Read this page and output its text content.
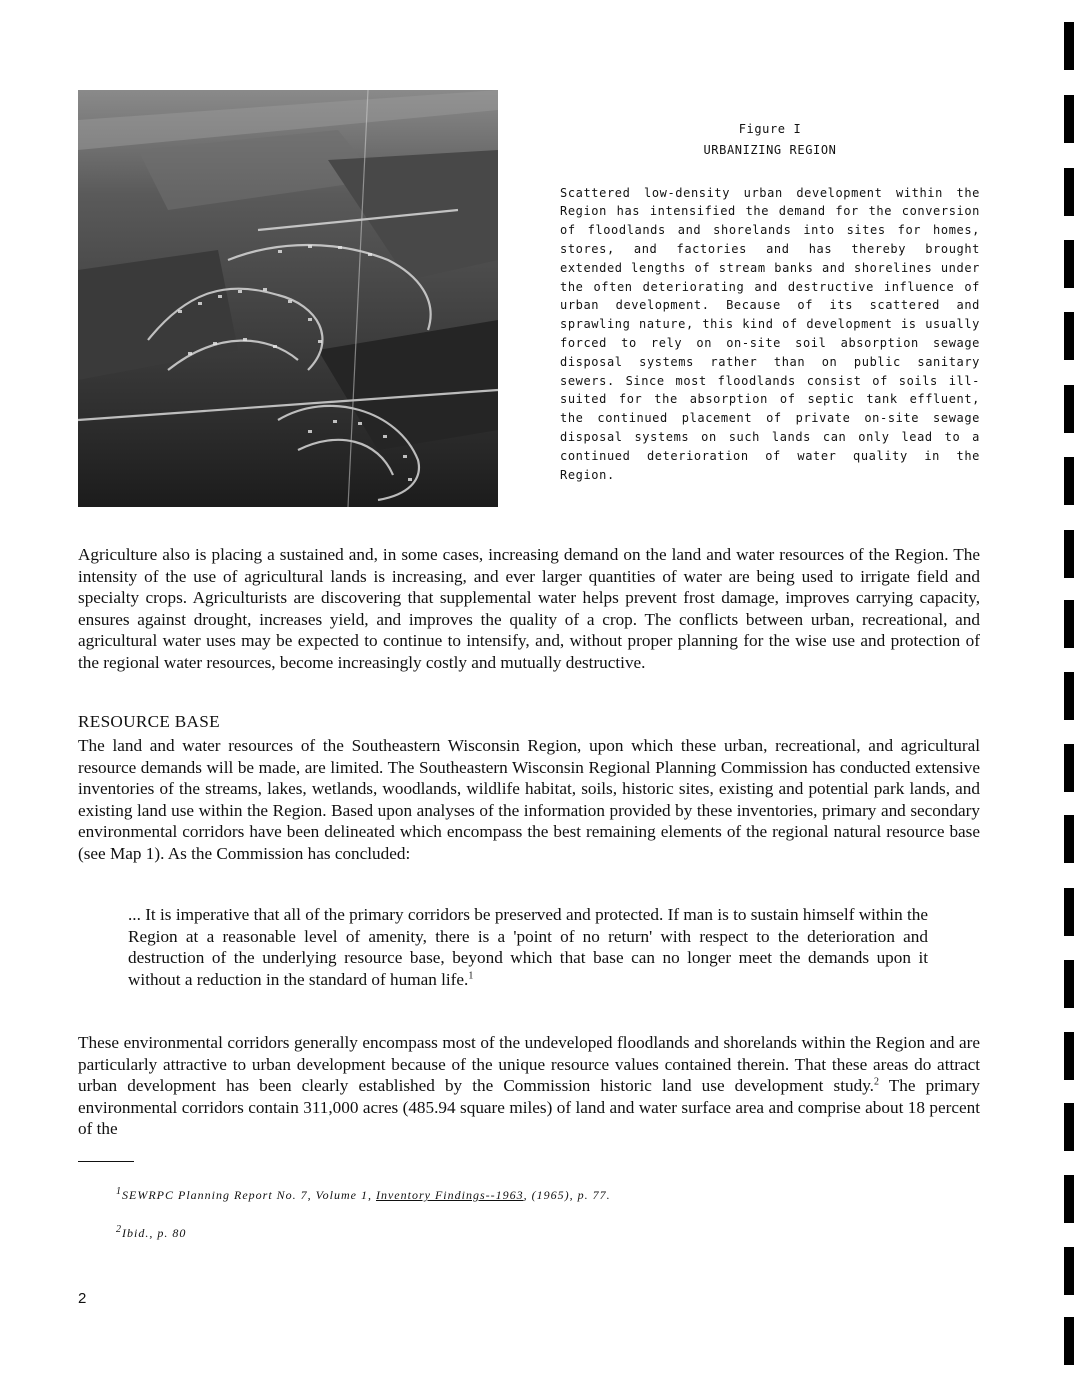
Figure I

URBANIZING REGION

Scattered low-density urban development within the Region has intensified the demand for the conversion of floodlands and shorelands into sites for homes, stores, and factories and has thereby brought extended lengths of stream banks and shorelines under the often deteriorating and destructive influence of urban development. Because of its scattered and sprawling nature, this kind of development is usually forced to rely on on-site soil absorption sewage disposal systems rather than on public sanitary sewers. Since most floodlands consist of soils ill-suited for the absorption of septic tank effluent, the continued placement of private on-site sewage disposal systems on such lands can only lead to a continued deterioration of water quality in the Region.

Agriculture also is placing a sustained and, in some cases, increasing demand on the land and water resources of the Region. The intensity of the use of agricultural lands is increasing, and ever larger quantities of water are being used to irrigate field and specialty crops. Agriculturists are discovering that supplemental water helps prevent frost damage, improves carrying capacity, ensures against drought, increases yield, and improves the quality of a crop. The conflicts between urban, recreational, and agricultural water uses may be expected to continue to intensify, and, without proper planning for the wise use and protection of the regional water resources, become increasingly costly and mutually destructive.

RESOURCE BASE

The land and water resources of the Southeastern Wisconsin Region, upon which these urban, recreational, and agricultural resource demands will be made, are limited. The Southeastern Wisconsin Regional Planning Commission has conducted extensive inventories of the streams, lakes, wetlands, woodlands, wildlife habitat, soils, historic sites, existing and potential park lands, and existing land use within the Region. Based upon analyses of the information provided by these inventories, primary and secondary environmental corridors have been delineated which encompass the best remaining elements of the regional natural resource base (see Map 1). As the Commission has concluded:

... It is imperative that all of the primary corridors be preserved and protected. If man is to sustain himself within the Region at a reasonable level of amenity, there is a 'point of no return' with respect to the deterioration and destruction of the underlying resource base, beyond which that base can no longer meet the demands upon it without a reduction in the standard of human life.$^1$

These environmental corridors generally encompass most of the undeveloped floodlands and shorelands within the Region and are particularly attractive to urban development because of the unique resource values contained therein. That these areas do attract urban development has been clearly established by the Commission historic land use development study.$^2$ The primary environmental corridors contain 311,000 acres (485.94 square miles) of land and water surface area and comprise about 18 percent of the

$^1$SEWRPC Planning Report No. 7, Volume 1, Inventory Findings--1963, (1965), p. 77.

$^2$Ibid., p. 80

2
